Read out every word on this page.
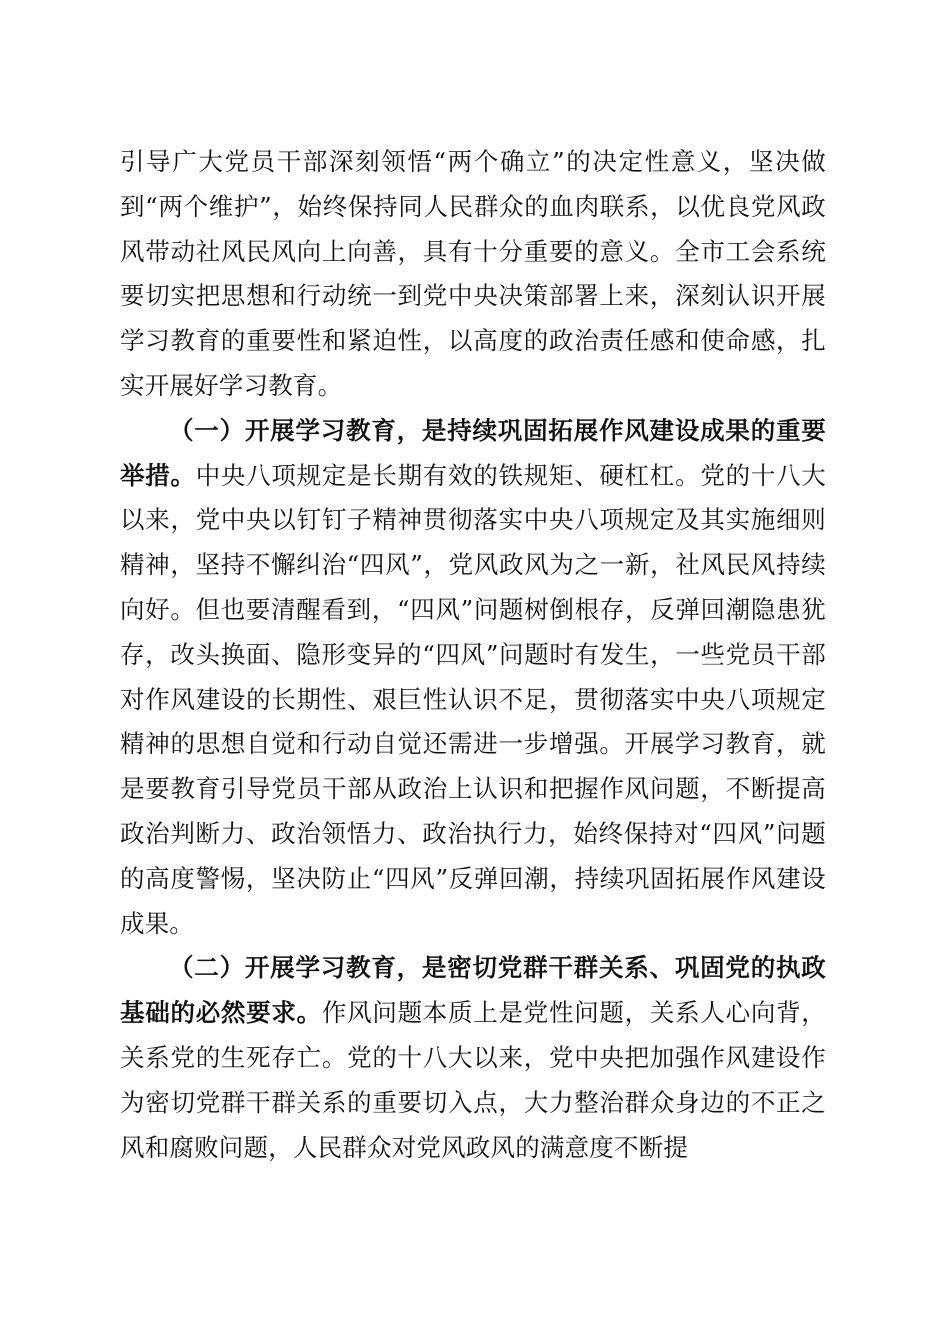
引导广大党员干部深刻领悟“两个确立”的决定性意义，坚决做到“两个维护”，始终保持同人民群众的血肉联系，以优良党风政风带动社风民风向上向善，具有十分重要的意义。全市工会系统要切实把思想和行动统一到党中央决策部署上来，深刻认识开展学习教育的重要性和紧迫性，以高度的政治责任感和使命感，扎实开展好学习教育。

（一）开展学习教育，是持续巩固拓展作风建设成果的重要举措。中央八项规定是长期有效的铁规矩、硬杠杠。党的十八大以来，党中央以钉钉子精神贯彻落实中央八项规定及其实施细则精神，坚持不懈纠治“四风”，党风政风为之一新，社风民风持续向好。但也要清醒看到，“四风”问题树倒根存，反弹回潮隐患犹存，改头换面、隐形变异的“四风”问题时有发生，一些党员干部对作风建设的长期性、艰巨性认识不足，贯彻落实中央八项规定精神的思想自觉和行动自觉还需进一步增强。开展学习教育，就是要教育引导党员干部从政治上认识和把握作风问题，不断提高政治判断力、政治领悟力、政治执行力，始终保持对“四风”问题的高度警惕，坚决防止“四风”反弹回潮，持续巩固拓展作风建设成果。

（二）开展学习教育，是密切党群干群关系、巩固党的执政基础的必然要求。作风问题本质上是党性问题，关系人心向背，关系党的生死存亡。党的十八大以来，党中央把加强作风建设作为密切党群干群关系的重要切入点，大力整治群众身边的不正之风和腐败问题，人民群众对党风政风的满意度不断提
